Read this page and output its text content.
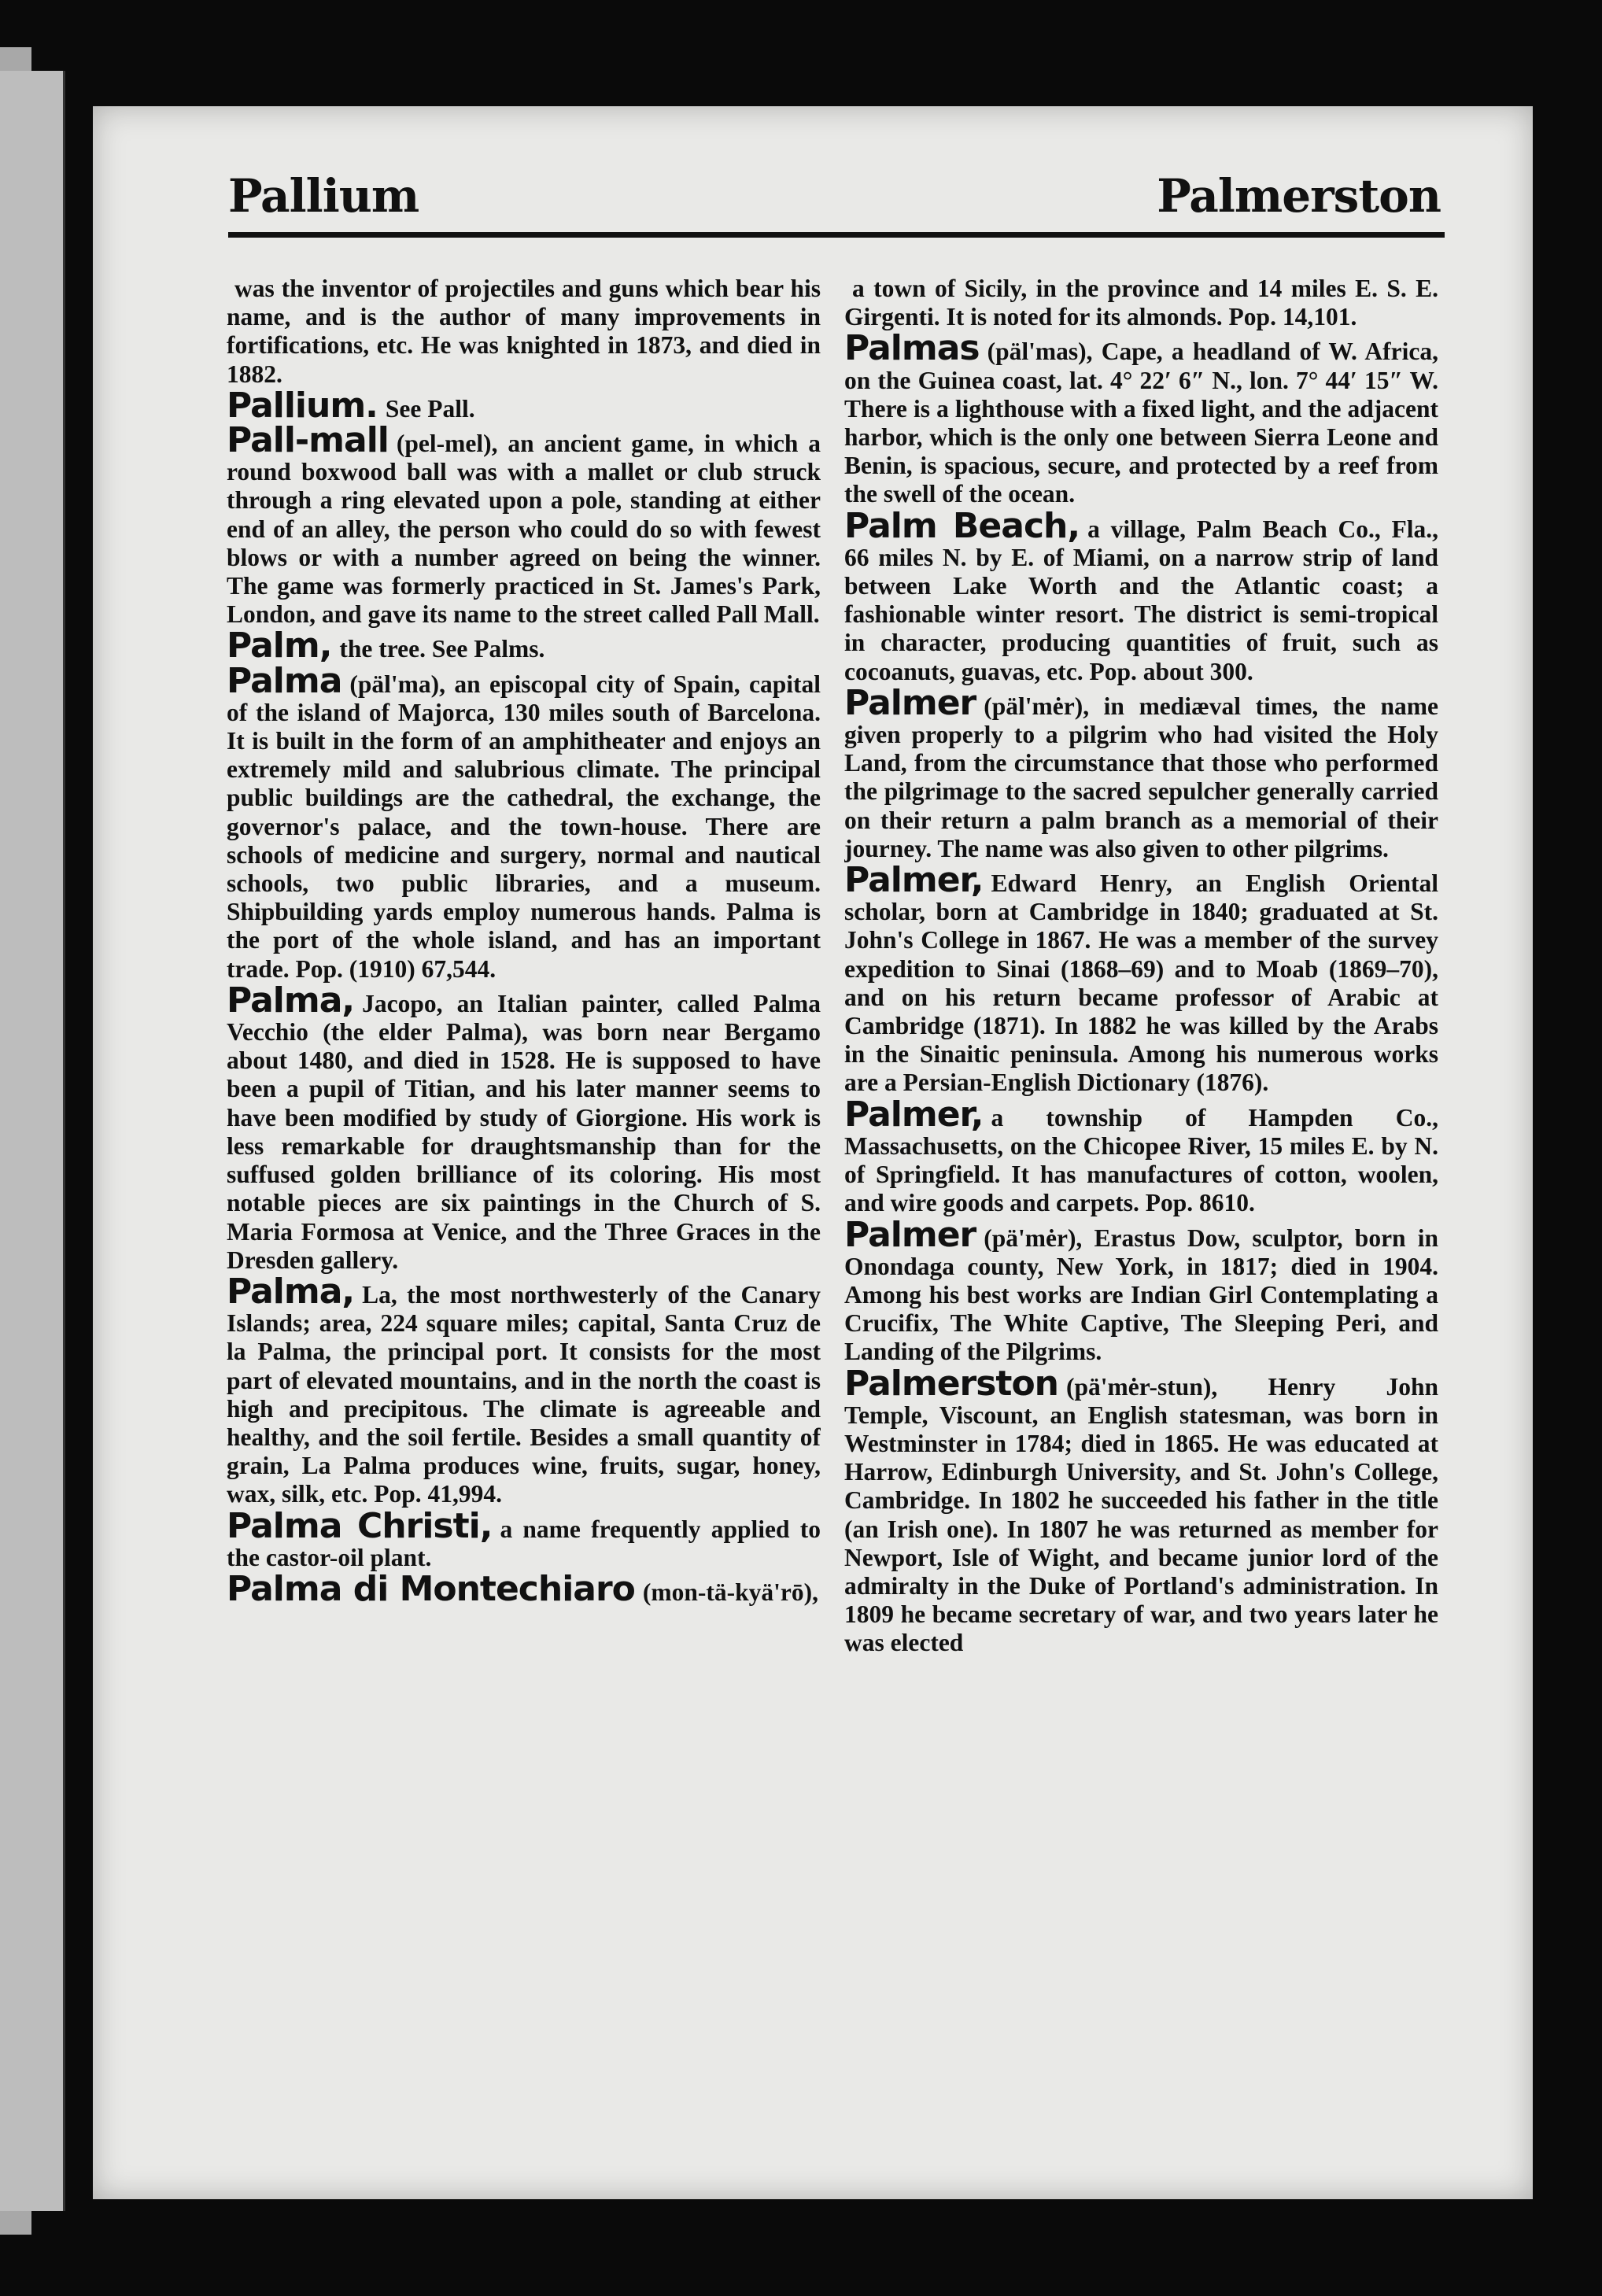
Pallium	Palmerston

was the inventor of projectiles and guns which bear his name, and is the author of many improvements in fortifications, etc. He was knighted in 1873, and died in 1882.

Pallium. See Pall.

Pall-mall (pel-mel), an ancient game, in which a round boxwood ball was with a mallet or club struck through a ring elevated upon a pole, standing at either end of an alley, the person who could do so with fewest blows or with a number agreed on being the winner. The game was formerly practiced in St. James's Park, London, and gave its name to the street called Pall Mall.

Palm, the tree. See Palms.

Palma (päl'ma), an episcopal city of Spain, capital of the island of Majorca, 130 miles south of Barcelona. It is built in the form of an amphitheater and enjoys an extremely mild and salubrious climate. The principal public buildings are the cathedral, the exchange, the governor's palace, and the town-house. There are schools of medicine and surgery, normal and nautical schools, two public libraries, and a museum. Shipbuilding yards employ numerous hands. Palma is the port of the whole island, and has an important trade. Pop. (1910) 67,544.

Palma, Jacopo, an Italian painter, called Palma Vecchio (the elder Palma), was born near Bergamo about 1480, and died in 1528. He is supposed to have been a pupil of Titian, and his later manner seems to have been modified by study of Giorgione. His work is less remarkable for draughtsmanship than for the suffused golden brilliance of its coloring. His most notable pieces are six paintings in the Church of S. Maria Formosa at Venice, and the Three Graces in the Dresden gallery.

Palma, La, the most northwesterly of the Canary Islands; area, 224 square miles; capital, Santa Cruz de la Palma, the principal port. It consists for the most part of elevated mountains, and in the north the coast is high and precipitous. The climate is agreeable and healthy, and the soil fertile. Besides a small quantity of grain, La Palma produces wine, fruits, sugar, honey, wax, silk, etc. Pop. 41,994.

Palma Christi, a name frequently applied to the castor-oil plant.

Palma di Montechiaro (mon-tä-kyä'rō),

a town of Sicily, in the province and 14 miles E. S. E. Girgenti. It is noted for its almonds. Pop. 14,101.

Palmas (päl'mas), Cape, a headland of W. Africa, on the Guinea coast, lat. 4° 22′ 6″ N., lon. 7° 44′ 15″ W. There is a lighthouse with a fixed light, and the adjacent harbor, which is the only one between Sierra Leone and Benin, is spacious, secure, and protected by a reef from the swell of the ocean.

Palm Beach, a village, Palm Beach Co., Fla., 66 miles N. by E. of Miami, on a narrow strip of land between Lake Worth and the Atlantic coast; a fashionable winter resort. The district is semi-tropical in character, producing quantities of fruit, such as cocoanuts, guavas, etc. Pop. about 300.

Palmer (päl'mėr), in mediæval times, the name given properly to a pilgrim who had visited the Holy Land, from the circumstance that those who performed the pilgrimage to the sacred sepulcher generally carried on their return a palm branch as a memorial of their journey. The name was also given to other pilgrims.

Palmer, Edward Henry, an English Oriental scholar, born at Cambridge in 1840; graduated at St. John's College in 1867. He was a member of the survey expedition to Sinai (1868–69) and to Moab (1869–70), and on his return became professor of Arabic at Cambridge (1871). In 1882 he was killed by the Arabs in the Sinaitic peninsula. Among his numerous works are a Persian-English Dictionary (1876).

Palmer, a township of Hampden Co., Massachusetts, on the Chicopee River, 15 miles E. by N. of Springfield. It has manufactures of cotton, woolen, and wire goods and carpets. Pop. 8610.

Palmer (pä'mėr), Erastus Dow, sculptor, born in Onondaga county, New York, in 1817; died in 1904. Among his best works are Indian Girl Contemplating a Crucifix, The White Captive, The Sleeping Peri, and Landing of the Pilgrims.

Palmerston (pä'mėr-stun), Henry John Temple, Viscount, an English statesman, was born in Westminster in 1784; died in 1865. He was educated at Harrow, Edinburgh University, and St. John's College, Cambridge. In 1802 he succeeded his father in the title (an Irish one). In 1807 he was returned as member for Newport, Isle of Wight, and became junior lord of the admiralty in the Duke of Portland's administration. In 1809 he became secretary of war, and two years later he was elected
